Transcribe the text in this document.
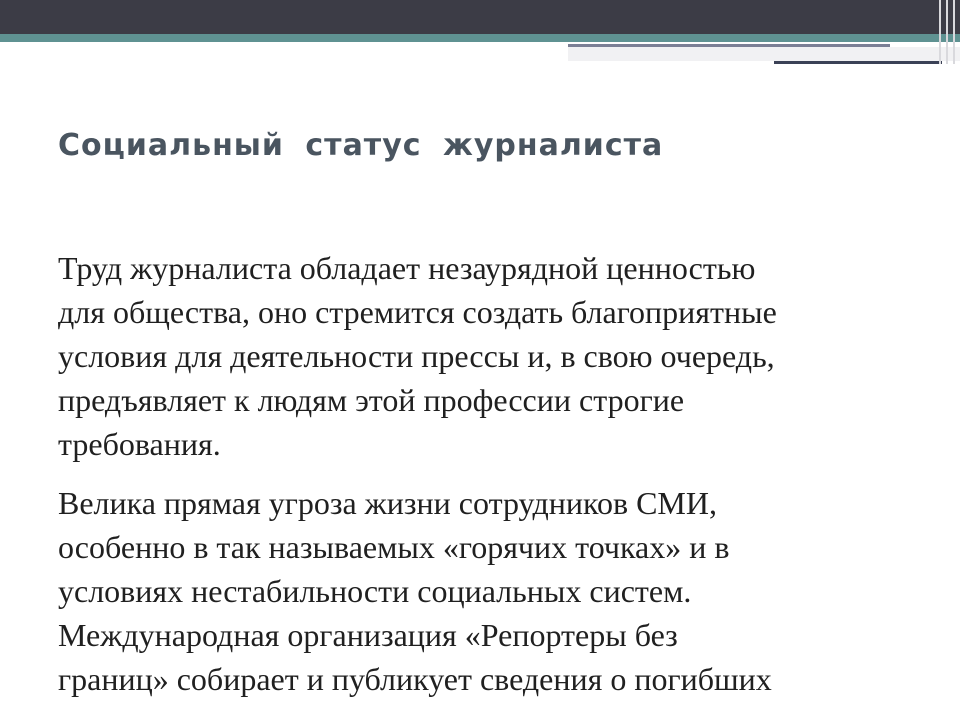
Социальный статус журналиста

Труд журналиста обладает незаурядной ценностью
для общества, оно стремится создать благоприятные
условия для деятельности прессы и, в свою очередь,
предъявляет к людям этой профессии строгие
требования.

Велика прямая угроза жизни сотрудников СМИ,
особенно в так называемых «горячих точках» и в
условиях нестабильности социальных систем.
Международная организация «Репортеры без
границ» собирает и публикует сведения о погибших
